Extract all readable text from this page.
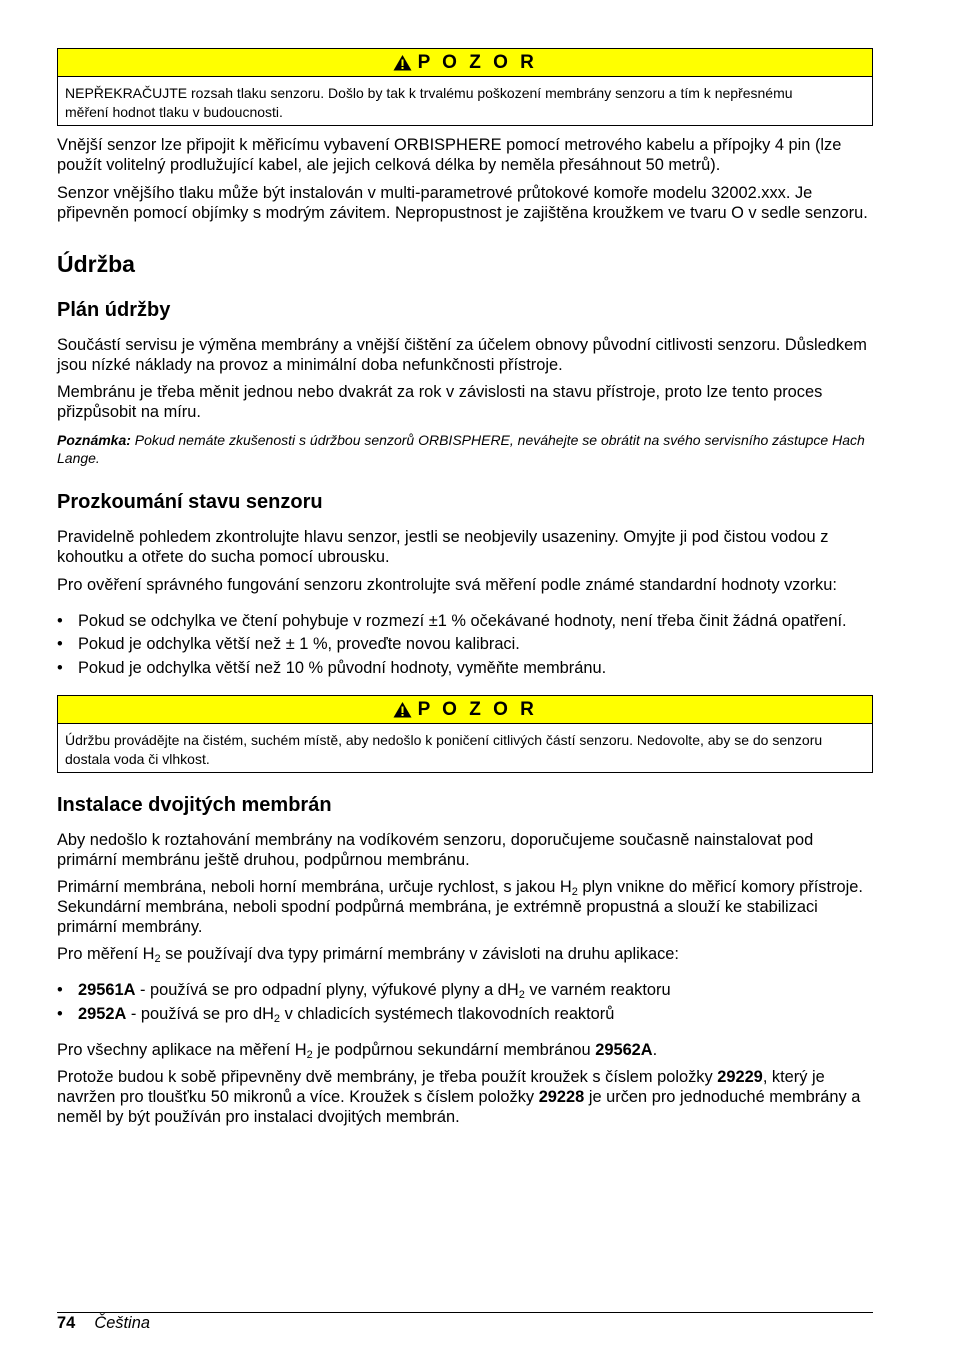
P O Z O R
NEPŘEKRAČUJTE rozsah tlaku senzoru. Došlo by tak k trvalému poškození membrány senzoru a tím k nepřesnému měření hodnot tlaku v budoucnosti.

Vnější senzor lze připojit k měřicímu vybavení ORBISPHERE pomocí metrového kabelu a přípojky 4 pin (lze použít volitelný prodlužující kabel, ale jejich celková délka by neměla přesáhnout 50 metrů).

Senzor vnějšího tlaku může být instalován v multi-parametrové průtokové komoře modelu 32002.xxx. Je připevněn pomocí objímky s modrým závitem. Nepropustnost je zajištěna kroužkem ve tvaru O v sedle senzoru.

Údržba
Plán údržby

Součástí servisu je výměna membrány a vnější čištění za účelem obnovy původní citlivosti senzoru. Důsledkem jsou nízké náklady na provoz a minimální doba nefunkčnosti přístroje.

Membránu je třeba měnit jednou nebo dvakrát za rok v závislosti na stavu přístroje, proto lze tento proces přizpůsobit na míru.

Poznámka: Pokud nemáte zkušenosti s údržbou senzorů ORBISPHERE, neváhejte se obrátit na svého servisního zástupce Hach Lange.
Prozkoumání stavu senzoru

Pravidelně pohledem zkontrolujte hlavu senzor, jestli se neobjevily usazeniny. Omyjte ji pod čistou vodou z kohoutku a otřete do sucha pomocí ubrousku.

Pro ověření správného fungování senzoru zkontrolujte svá měření podle známé standardní hodnoty vzorku:

• Pokud se odchylka ve čtení pohybuje v rozmezí ±1 % očekávané hodnoty, není třeba činit žádná opatření.
• Pokud je odchylka větší než ± 1 %, proveďte novou kalibraci.
• Pokud je odchylka větší než 10 % původní hodnoty, vyměňte membránu.
P O Z O R
Údržbu provádějte na čistém, suchém místě, aby nedošlo k poničení citlivých částí senzoru. Nedovolte, aby se do senzoru dostala voda či vlhkost.
Instalace dvojitých membrán

Aby nedošlo k roztahování membrány na vodíkovém senzoru, doporučujeme současně nainstalovat pod primární membránu ještě druhou, podpůrnou membránu.

Primární membrána, neboli horní membrána, určuje rychlost, s jakou $H_2$ plyn vnikne do měřicí komory přístroje. Sekundární membrána, neboli spodní podpůrná membrána, je extrémně propustná a slouží ke stabilizaci primární membrány.

Pro měření $H_2$ se používají dva typy primární membrány v závisloti na druhu aplikace:

• 29561A - používá se pro odpadní plyny, výfukové plyny a $dH_2$ ve varném reaktoru
• 2952A - používá se pro $dH_2$ v chladicích systémech tlakovodních reaktorů

Pro všechny aplikace na měření $H_2$ je podpůrnou sekundární membránou 29562A.

Protože budou k sobě připevněny dvě membrány, je třeba použít kroužek s číslem položky 29229, který je navržen pro tloušťku 50 mikronů a více. Kroužek s číslem položky 29228 je určen pro jednoduché membrány a neměl by být používán pro instalaci dvojitých membrán.

74 Čeština
